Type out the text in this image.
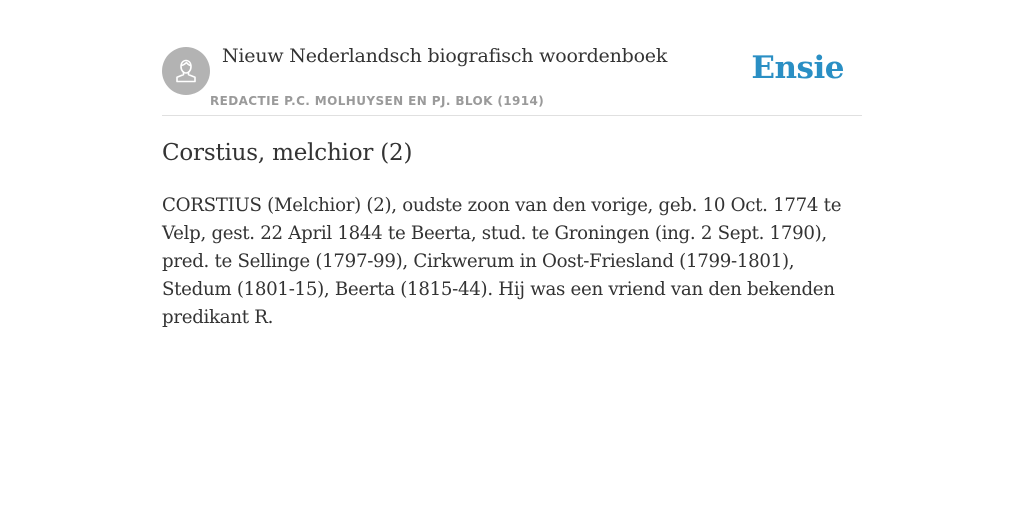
Nieuw Nederlandsch biografisch woordenboek
REDACTIE P.C. MOLHUYSEN EN PJ. BLOK (1914)
Ensie
Corstius, melchior (2)

CORSTIUS (Melchior) (2), oudste zoon van den vorige, geb. 10 Oct. 1774 te Velp, gest. 22 April 1844 te Beerta, stud. te Groningen (ing. 2 Sept. 1790), pred. te Sellinge (1797-99), Cirkwerum in Oost-Friesland (1799-1801), Stedum (1801-15), Beerta (1815-44). Hij was een vriend van den bekenden predikant R.
